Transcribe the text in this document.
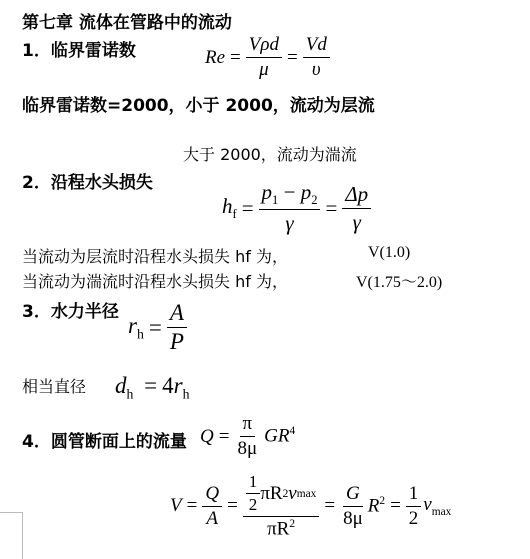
第七章 流体在管路中的流动
1．临界雷诺数	$Re = \frac{\text{Vρd}}{\mu} = \frac{Vd}{\upsilon}$
临界雷诺数=2000，小于 2000，流动为层流
大于 2000，流动为湍流
2．沿程水头损失
$h_f = \frac{p_1 - p_2}{\gamma} = \frac{\Delta p}{\gamma}$
当流动为层流时沿程水头损失 hf 为，	V(1.0)
当流动为湍流时沿程水头损失 hf 为，	V(1.75～2.0)
3．水力半径
$r_h = \frac{A}{P}$
相当直径 $d_h = 4r_h$
4．圆管断面上的流量 $Q = \frac{\pi}{8\mu} GR^4$
$V = \frac{Q}{A} = \frac{\frac{1}{2} \pi R 2 v \max}{\pi R^2} = \frac{G}{8\mu} R^2 = \frac{1}{2} v_{max}$
